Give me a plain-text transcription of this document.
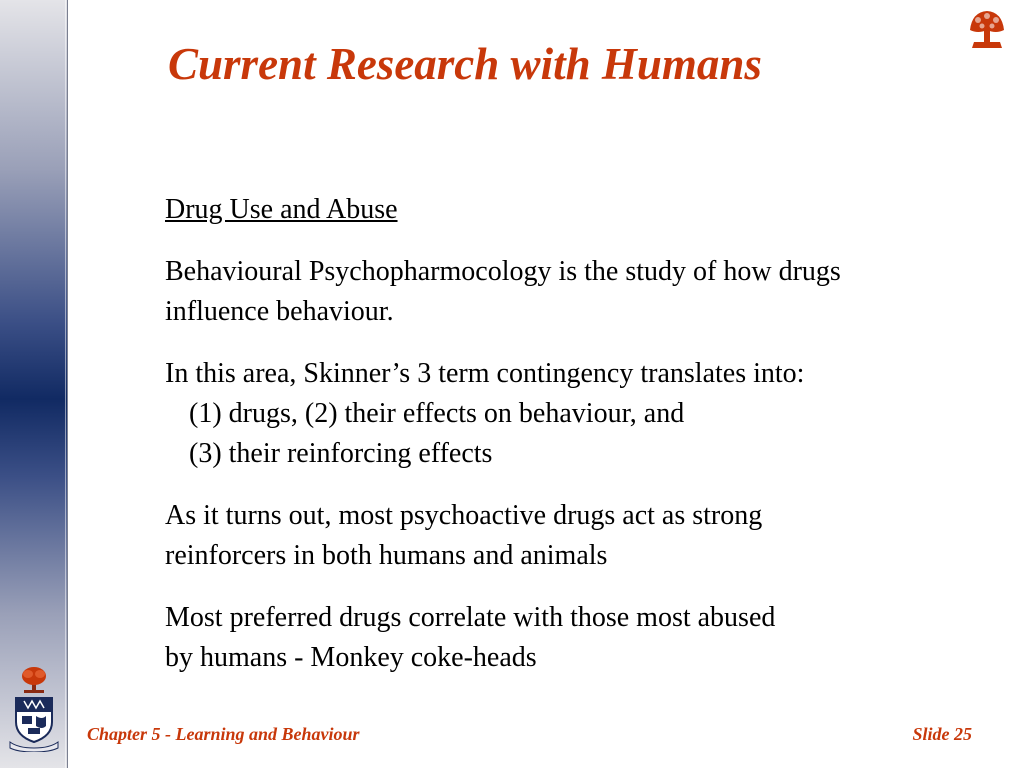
Current Research with Humans
Drug Use and Abuse
Behavioural Psychopharmocology is the study of how drugs
influence behaviour.
In this area, Skinner’s 3 term contingency translates into:
(1) drugs, (2) their effects on behaviour, and
(3) their reinforcing effects
As it turns out, most psychoactive drugs act as strong
reinforcers in both humans and animals
Most preferred drugs correlate with those most abused
by humans - Monkey coke-heads
Chapter 5 - Learning and Behaviour	Slide 25
